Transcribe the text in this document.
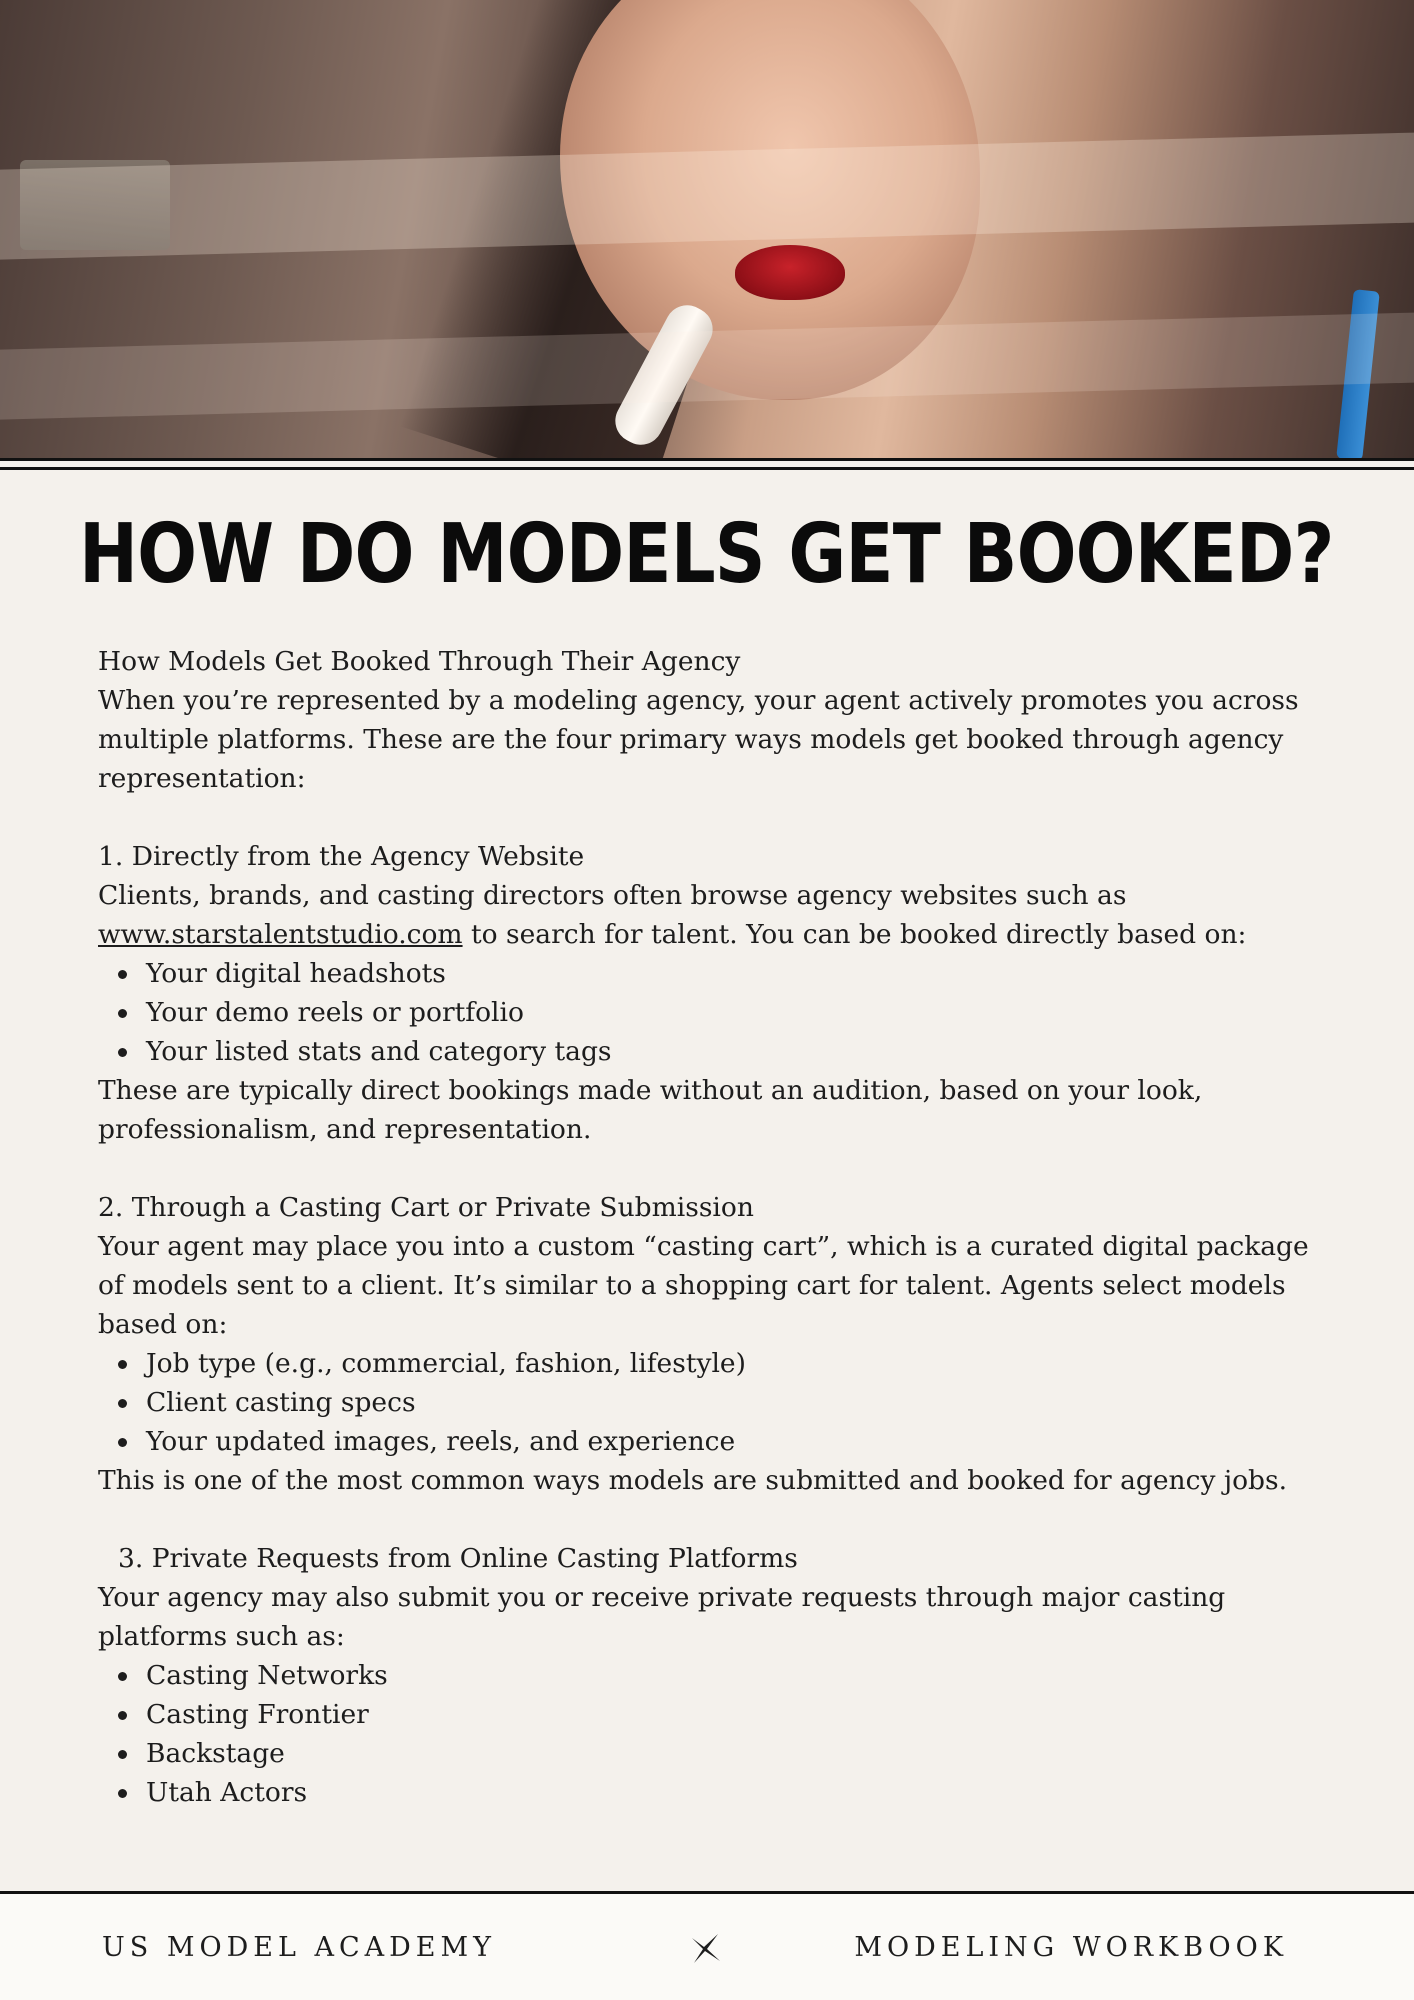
HOW DO MODELS GET BOOKED?

How Models Get Booked Through Their Agency

When you’re represented by a modeling agency, your agent actively promotes you across multiple platforms. These are the four primary ways models get booked through agency representation:

1. Directly from the Agency Website

Clients, brands, and casting directors often browse agency websites such as
www.starstalentstudio.com to search for talent. You can be booked directly based on:

Your digital headshots
Your demo reels or portfolio
Your listed stats and category tags

These are typically direct bookings made without an audition, based on your look, professionalism, and representation.

2. Through a Casting Cart or Private Submission

Your agent may place you into a custom “casting cart”, which is a curated digital package of models sent to a client. It’s similar to a shopping cart for talent. Agents select models based on:

Job type (e.g., commercial, fashion, lifestyle)
Client casting specs
Your updated images, reels, and experience

This is one of the most common ways models are submitted and booked for agency jobs.

3. Private Requests from Online Casting Platforms

Your agency may also submit you or receive private requests through major casting platforms such as:

Casting Networks
Casting Frontier
Backstage
Utah Actors
US MODEL ACADEMY	MODELING WORKBOOK
